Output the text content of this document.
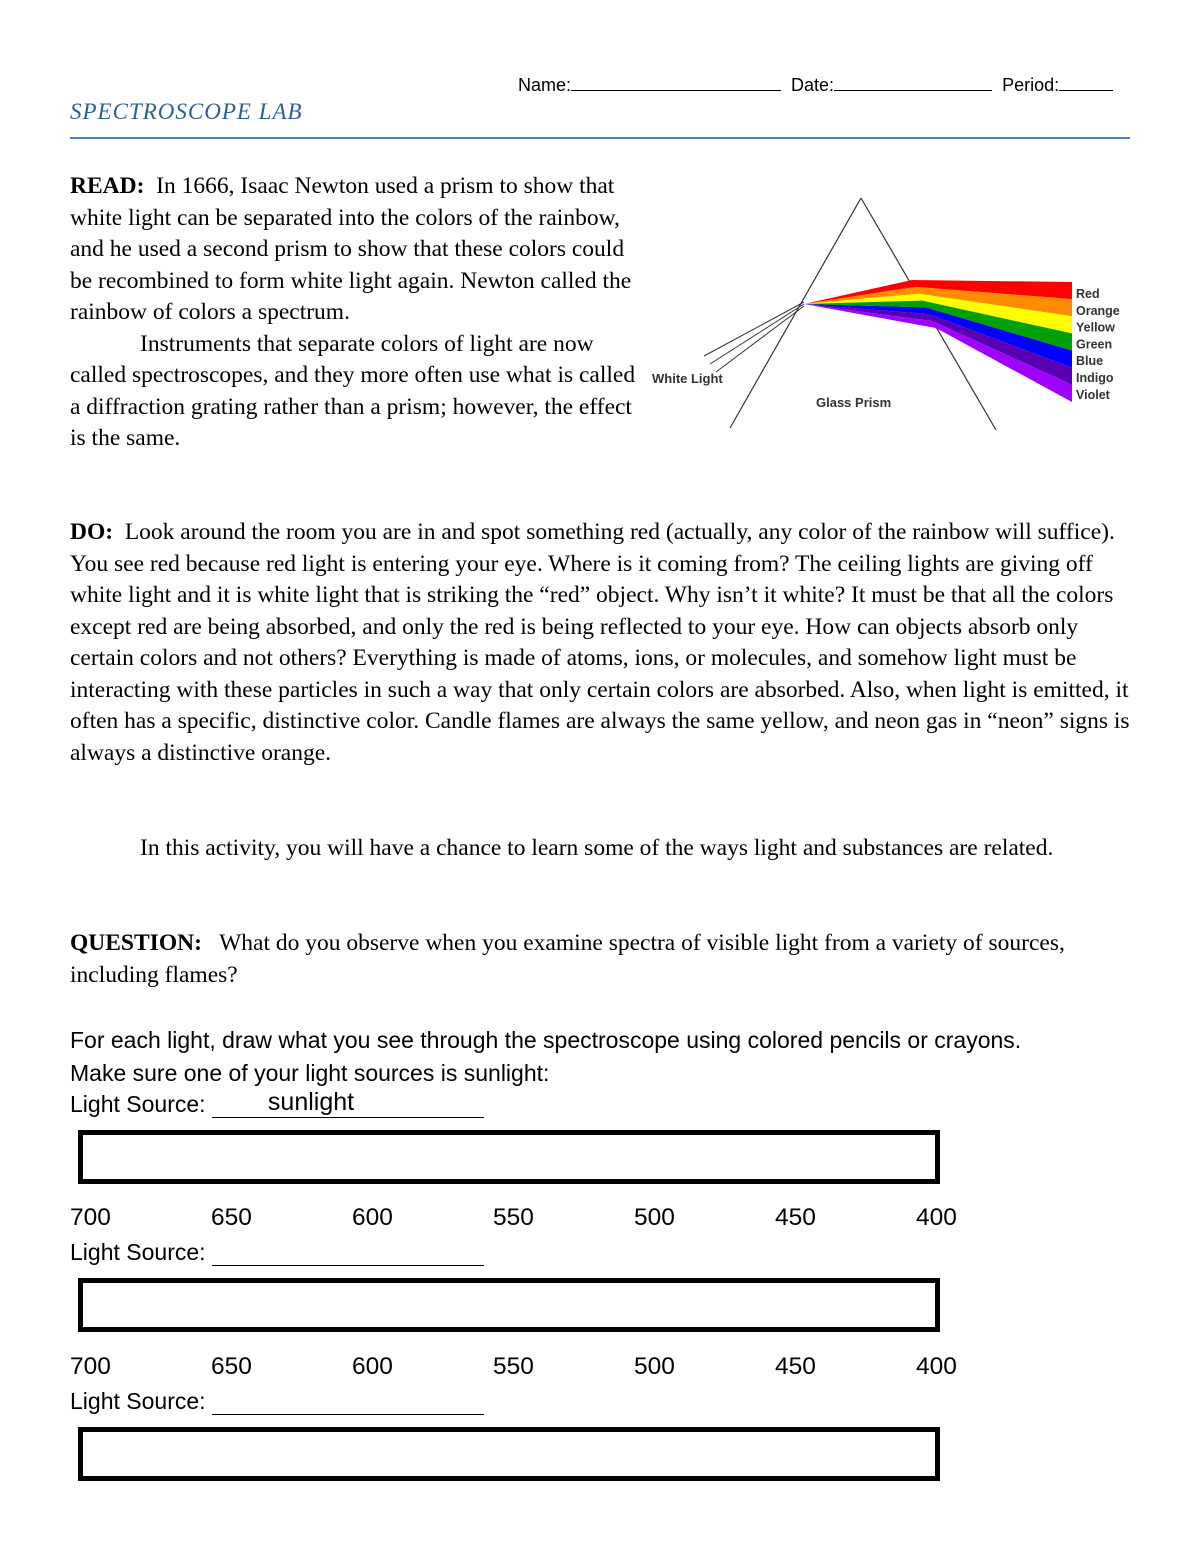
Name:	Date:	Period:
SPECTROSCOPE LAB

READ: In 1666, Isaac Newton used a prism to show that white light can be separated into the colors of the rainbow, and he used a second prism to show that these colors could be recombined to form white light again. Newton called the rainbow of colors a spectrum.

Instruments that separate colors of light are now called spectroscopes, and they more often use what is called a diffraction grating rather than a prism; however, the effect is the same.

White Light
Glass Prism
Red
Orange
Yellow
Green
Blue
Indigo
Violet

DO: Look around the room you are in and spot something red (actually, any color of the rainbow will suffice). You see red because red light is entering your eye. Where is it coming from? The ceiling lights are giving off white light and it is white light that is striking the “red” object. Why isn’t it white? It must be that all the colors except red are being absorbed, and only the red is being reflected to your eye. How can objects absorb only certain colors and not others? Everything is made of atoms, ions, or molecules, and somehow light must be interacting with these particles in such a way that only certain colors are absorbed. Also, when light is emitted, it often has a specific, distinctive color. Candle flames are always the same yellow, and neon gas in “neon” signs is always a distinctive orange.

In this activity, you will have a chance to learn some of the ways light and substances are related.

QUESTION: What do you observe when you examine spectra of visible light from a variety of sources, including flames?

For each light, draw what you see through the spectroscope using colored pencils or crayons.
Make sure one of your light sources is sunlight:
Light Source: sunlight
700	650	600	550	500	450	400
Light Source:
700	650	600	550	500	450	400
Light Source:
